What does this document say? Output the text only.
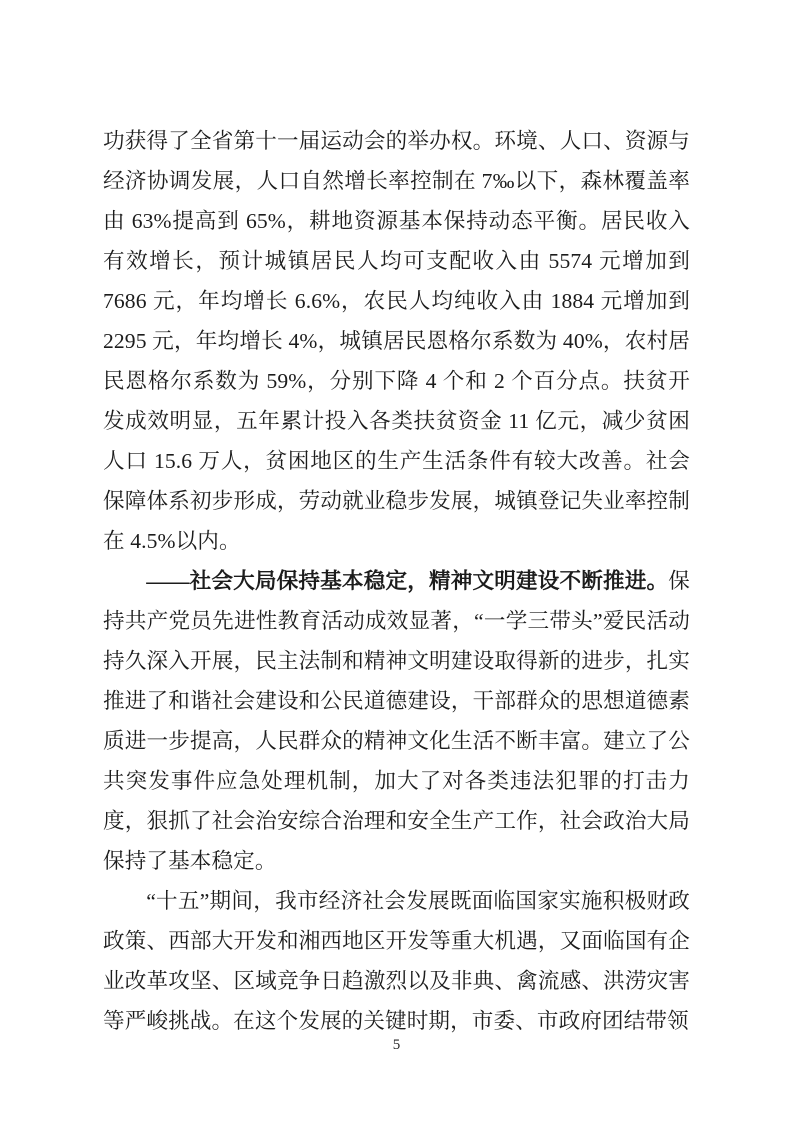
功获得了全省第十一届运动会的举办权。环境、人口、资源与经济协调发展，人口自然增长率控制在 7‰以下，森林覆盖率由 63%提高到 65%，耕地资源基本保持动态平衡。居民收入有效增长，预计城镇居民人均可支配收入由 5574 元增加到 7686 元，年均增长 6.6%，农民人均纯收入由 1884 元增加到 2295 元，年均增长 4%，城镇居民恩格尔系数为 40%，农村居民恩格尔系数为 59%，分别下降 4 个和 2 个百分点。扶贫开发成效明显，五年累计投入各类扶贫资金 11 亿元，减少贫困人口 15.6 万人，贫困地区的生产生活条件有较大改善。社会保障体系初步形成，劳动就业稳步发展，城镇登记失业率控制在 4.5%以内。

——社会大局保持基本稳定，精神文明建设不断推进。保持共产党员先进性教育活动成效显著，“一学三带头”爱民活动持久深入开展，民主法制和精神文明建设取得新的进步，扎实推进了和谐社会建设和公民道德建设，干部群众的思想道德素质进一步提高，人民群众的精神文化生活不断丰富。建立了公共突发事件应急处理机制，加大了对各类违法犯罪的打击力度，狠抓了社会治安综合治理和安全生产工作，社会政治大局保持了基本稳定。

“十五”期间，我市经济社会发展既面临国家实施积极财政政策、西部大开发和湘西地区开发等重大机遇，又面临国有企业改革攻坚、区域竞争日趋激烈以及非典、禽流感、洪涝灾害等严峻挑战。在这个发展的关键时期，市委、市政府团结带领

5
